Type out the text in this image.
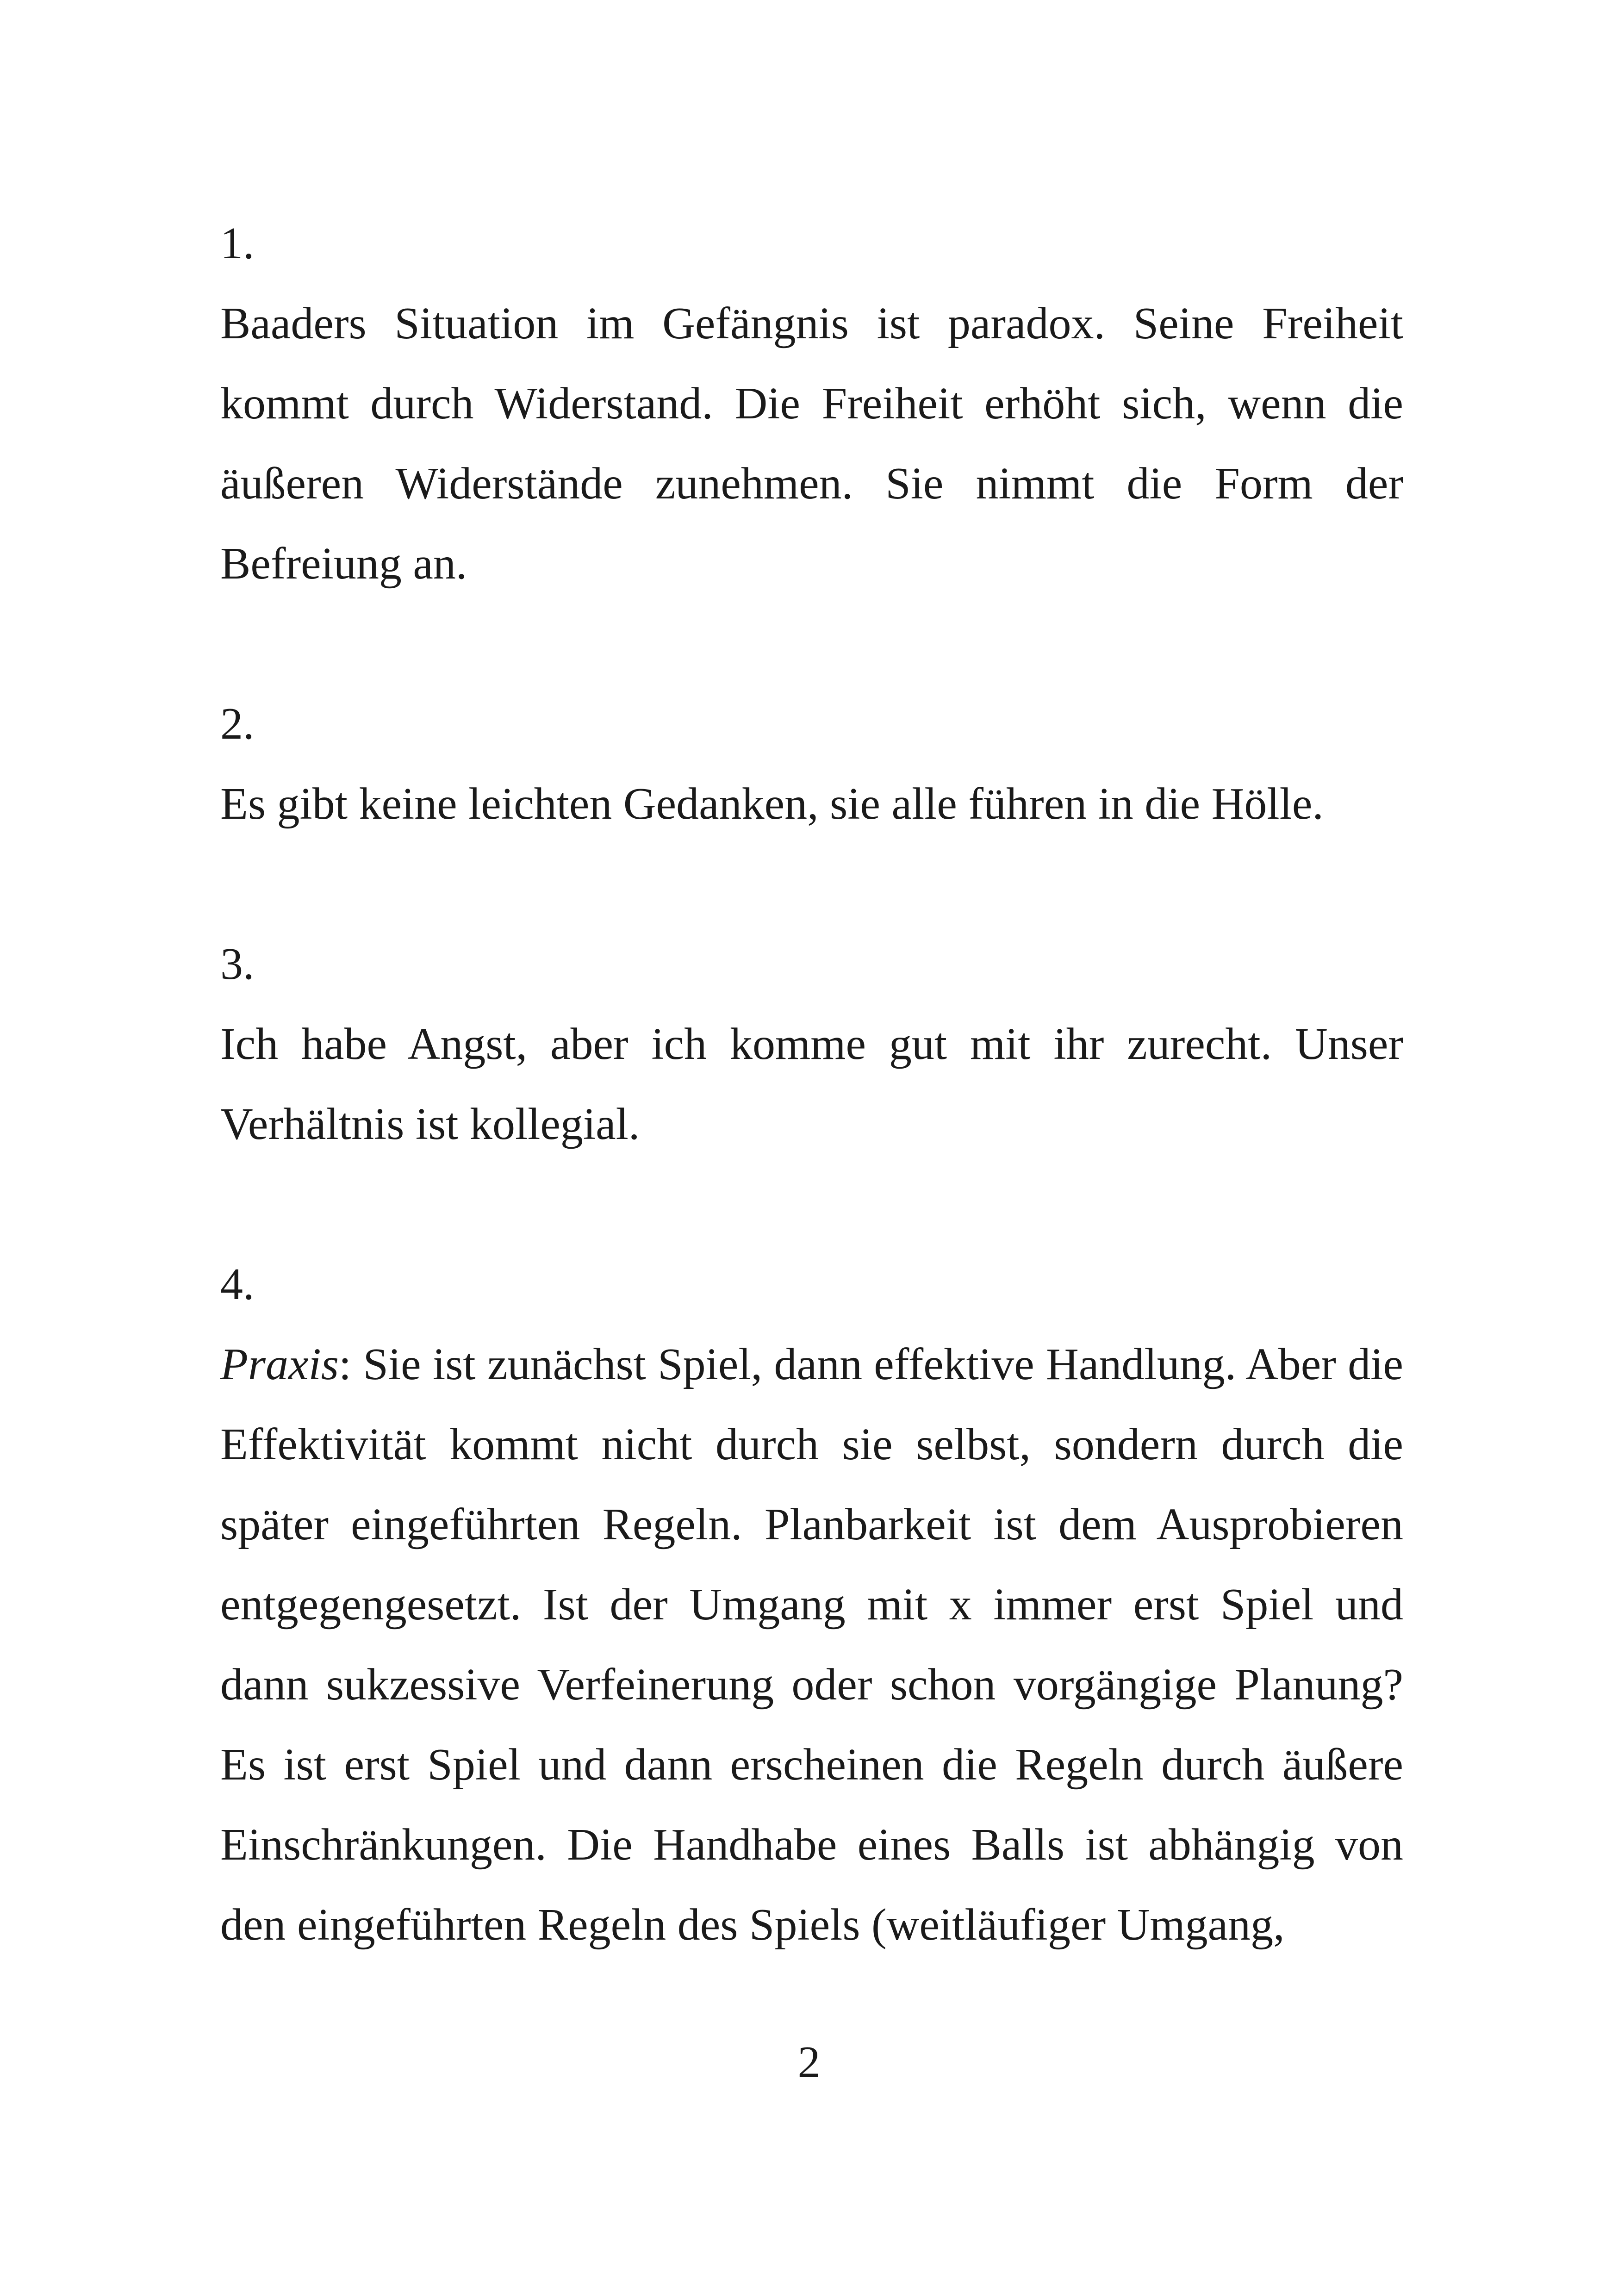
1.

Baaders Situation im Gefängnis ist paradox. Seine Freiheit kommt durch Widerstand. Die Freiheit erhöht sich, wenn die äußeren Widerstände zunehmen. Sie nimmt die Form der Befreiung an.

2.

Es gibt keine leichten Gedanken, sie alle führen in die Hölle.

3.

Ich habe Angst, aber ich komme gut mit ihr zurecht. Unser Verhältnis ist kollegial.

4.

Praxis: Sie ist zunächst Spiel, dann effektive Handlung. Aber die Effektivität kommt nicht durch sie selbst, sondern durch die später eingeführten Regeln. Planbarkeit ist dem Ausprobieren entgegengesetzt. Ist der Umgang mit x immer erst Spiel und dann sukzessive Verfeinerung oder schon vorgängige Planung? Es ist erst Spiel und dann erscheinen die Regeln durch äußere Einschränkungen. Die Handhabe eines Balls ist abhängig von den eingeführten Regeln des Spiels (weitläufiger Umgang,

2
